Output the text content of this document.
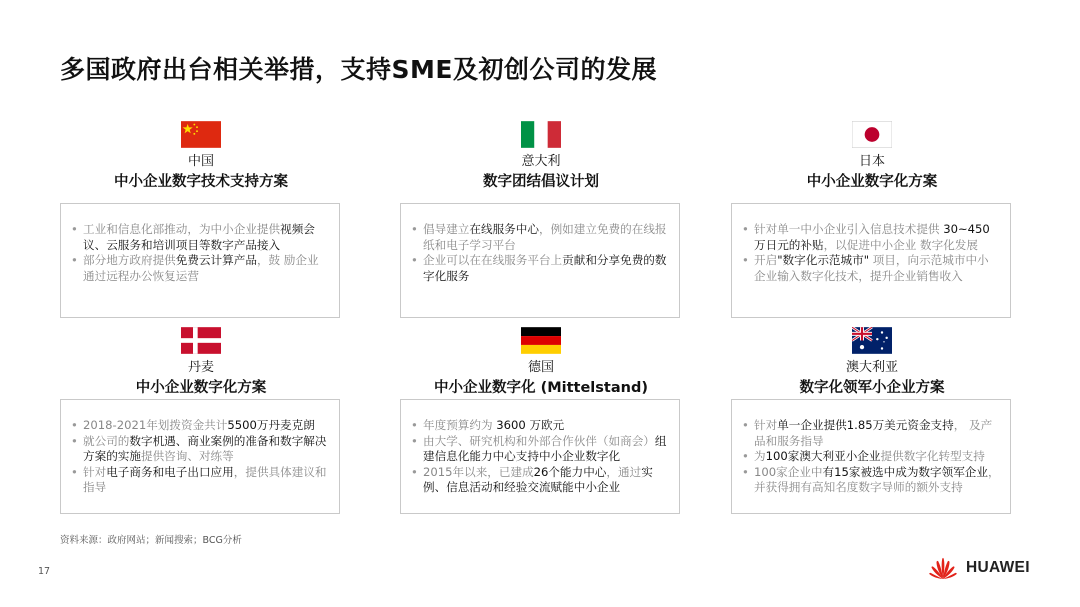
多国政府出台相关举措，支持SME及初创公司的发展
中国
中小企业数字技术支持方案
• 工业和信息化部推动，为中小企业提供视频会议、云服务和培训项目等数字产品接入
• 部分地方政府提供免费云计算产品，鼓 励企业通过远程办公恢复运营
意大利
数字团结倡议计划
• 倡导建立在线服务中心，例如建立免费的在线报纸和电子学习平台
• 企业可以在在线服务平台上贡献和分享免费的数字化服务
日本
中小企业数字化方案
• 针对单一中小企业引入信息技术提供 30~450万日元的补贴，以促进中小企业 数字化发展
• 开启"数字化示范城市" 项目，向示范城市中小企业输入数字化技术，提升企业销售收入
丹麦
中小企业数字化方案
• 2018-2021年划拨资金共计5500万丹麦克朗
• 就公司的数字机遇、商业案例的准备和数字解决方案的实施提供咨询、对练等
• 针对电子商务和电子出口应用，提供具体建议和指导
德国
中小企业数字化 (Mittelstand)
• 年度预算约为 3600 万欧元
• 由大学、研究机构和外部合作伙伴（如商会）组建信息化能力中心支持中小企业数字化
• 2015年以来，已建成26个能力中心，通过实例、信息活动和经验交流赋能中小企业
澳大利亚
数字化领军小企业方案
• 针对单一企业提供1.85万美元资金支持， 及产品和服务指导
• 为100家澳大利亚小企业提供数字化转型支持
• 100家企业中有15家被选中成为数字领军企业，并获得拥有高知名度数字导师的额外支持
资料来源：政府网站；新闻搜索；BCG分析
17	HUAWEI
